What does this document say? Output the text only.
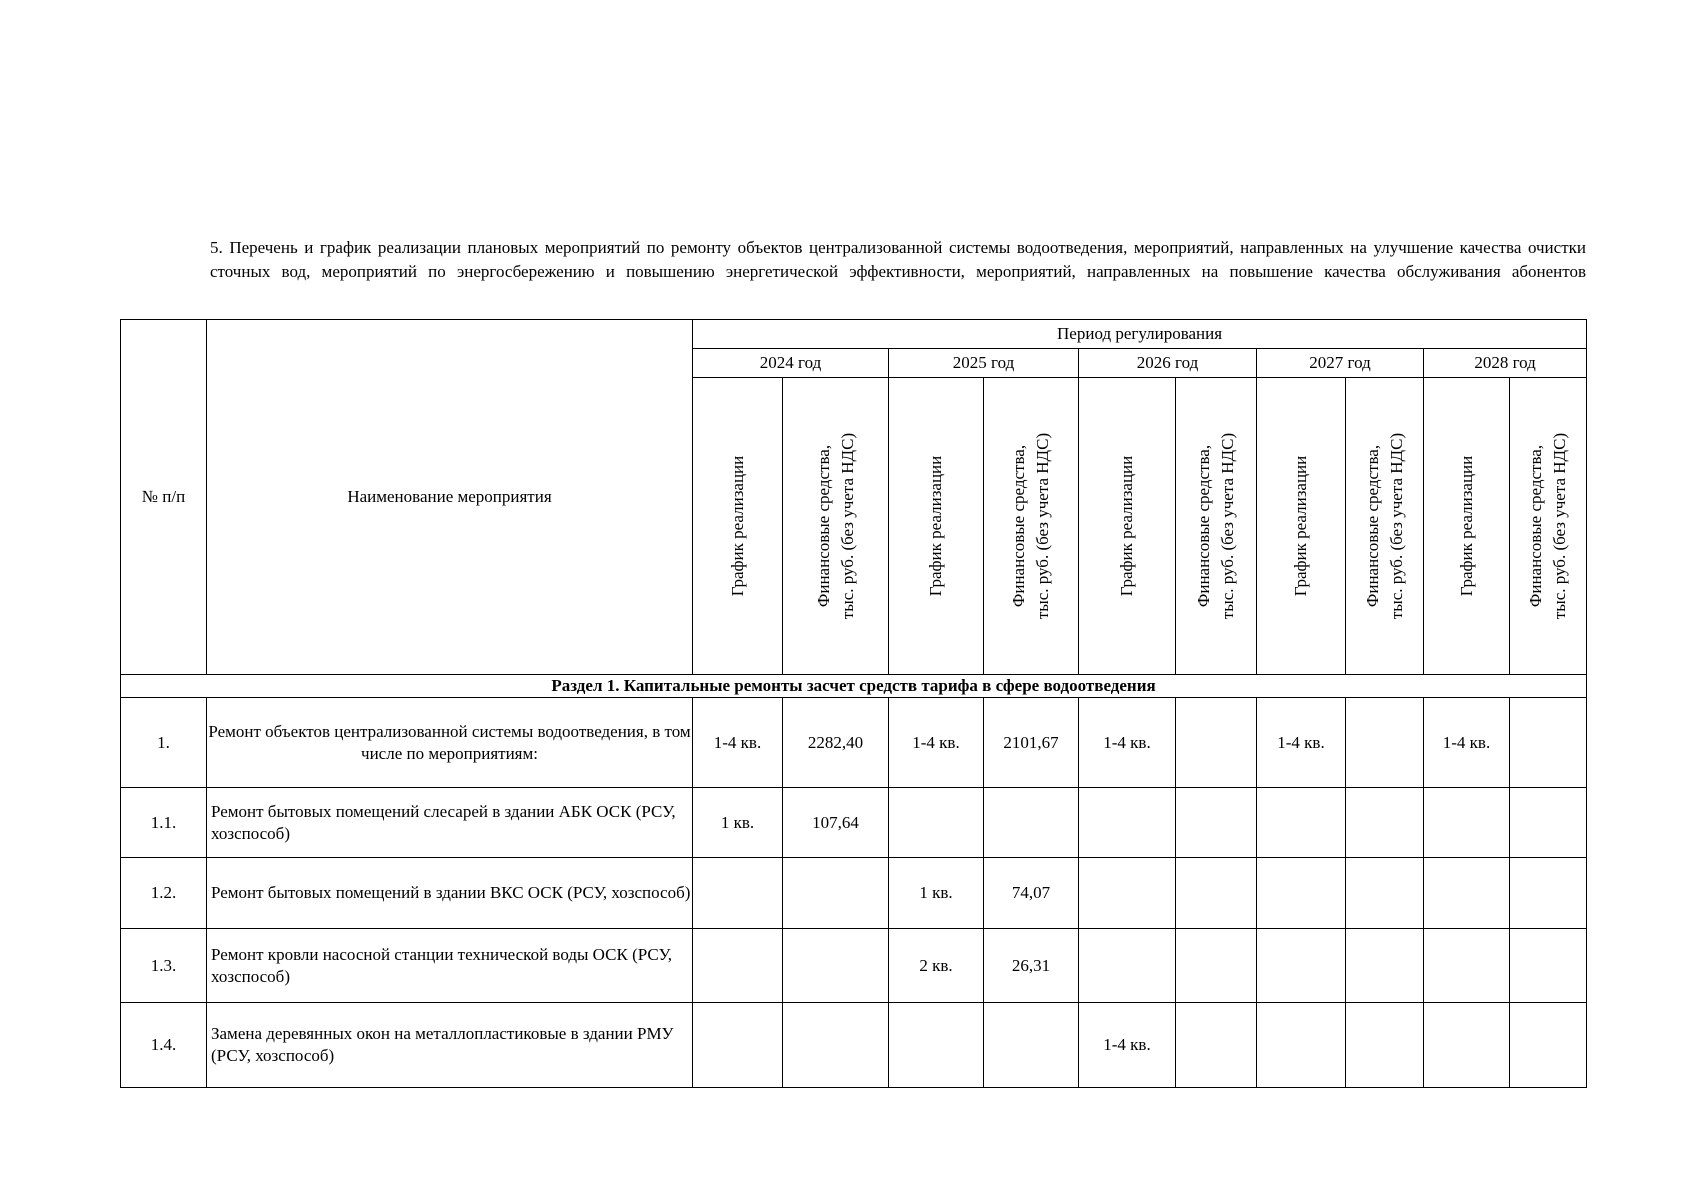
5. Перечень и график реализации плановых мероприятий по ремонту объектов централизованной системы водоотведения, мероприятий, направленных на улучшение качества очистки сточных вод, мероприятий по энергосбережению и повышению энергетической эффективности, мероприятий, направленных на повышение качества обслуживания абонентов
№ п/п	Наименование мероприятия	Период регулирования									
		2024 год		2025 год		2026 год		2027 год		2028 год	

		График реализации	Финансовые средства, тыс. руб. (без учета НДС)	График реализации	Финансовые средства, тыс. руб. (без учета НДС)	График реализации	Финансовые средства, тыс. руб. (без учета НДС)	График реализации	Финансовые средства, тыс. руб. (без учета НДС)	График реализации	Финансовые средства, тыс. руб. (без учета НДС)

Раздел 1. Капитальные ремонты засчет средств тарифа в сфере водоотведения											
1.	Ремонт объектов централизованной системы водоотведения, в том числе по мероприятиям:	1-4 кв.	2282,40	1-4 кв.	2101,67	1-4 кв.		1-4 кв.		1-4 кв.	
1.1.	Ремонт бытовых помещений слесарей в здании АБК ОСК (РСУ, хозспособ)	1 кв.	107,64								
1.2.	Ремонт бытовых помещений в здании ВКС ОСК (РСУ, хозспособ)			1 кв.	74,07						
1.3.	Ремонт кровли насосной станции технической воды ОСК (РСУ, хозспособ)			2 кв.	26,31						
1.4.	Замена деревянных окон на металлопластиковые в здании РМУ (РСУ, хозспособ)					1-4 кв.					
